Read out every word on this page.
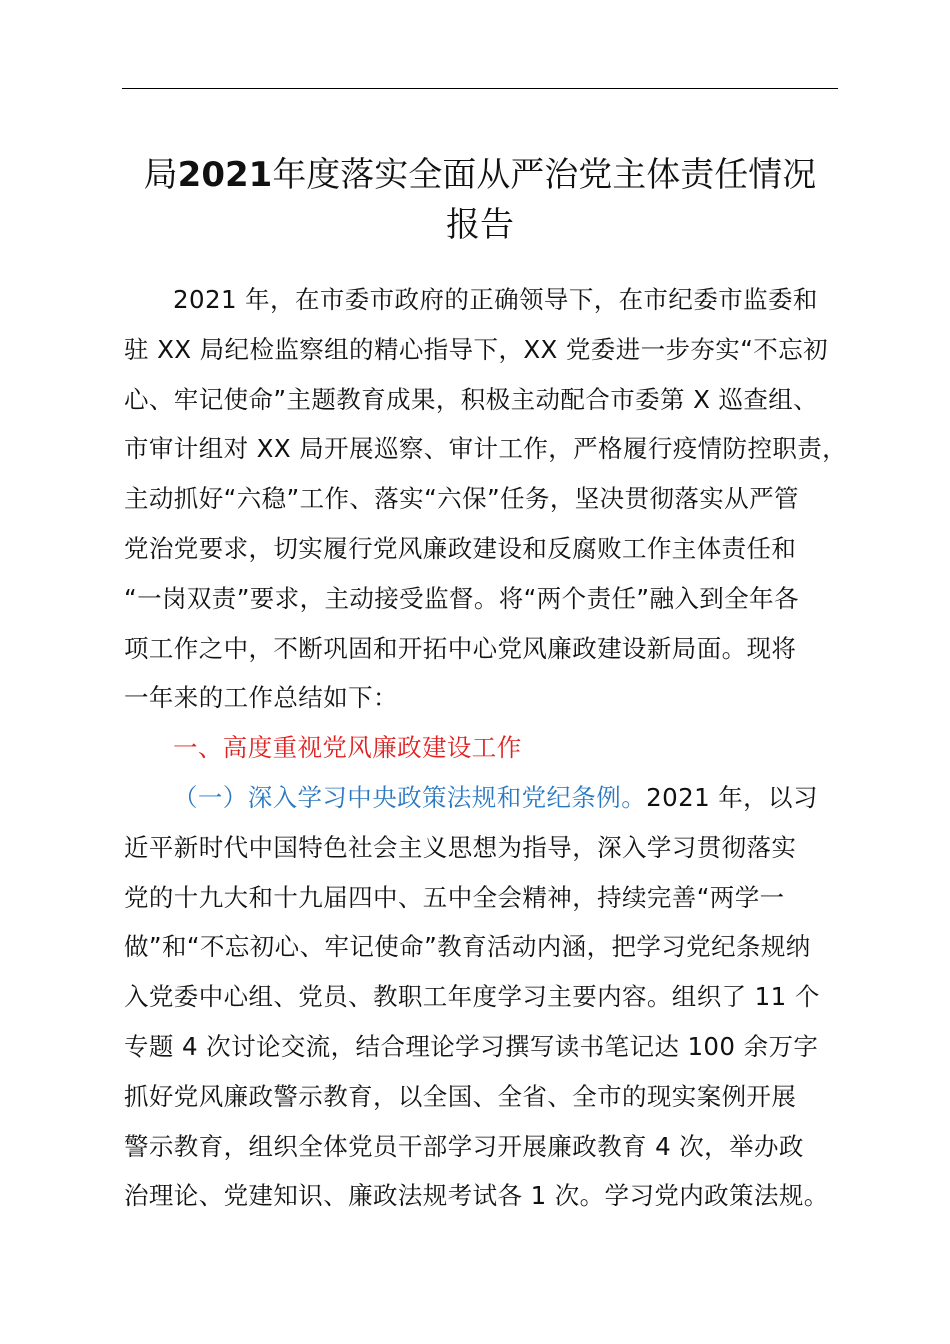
局2021年度落实全面从严治党主体责任情况
报告
2021 年，在市委市政府的正确领导下，在市纪委市监委和
驻 XX 局纪检监察组的精心指导下，XX 党委进一步夯实“不忘初
心、牢记使命”主题教育成果，积极主动配合市委第 X 巡查组、
市审计组对 XX 局开展巡察、审计工作，严格履行疫情防控职责，
主动抓好“六稳”工作、落实“六保”任务，坚决贯彻落实从严管
党治党要求，切实履行党风廉政建设和反腐败工作主体责任和
“一岗双责”要求，主动接受监督。将“两个责任”融入到全年各
项工作之中，不断巩固和开拓中心党风廉政建设新局面。现将
一年来的工作总结如下：
一、高度重视党风廉政建设工作
（一）深入学习中央政策法规和党纪条例。2021 年，以习
近平新时代中国特色社会主义思想为指导，深入学习贯彻落实
党的十九大和十九届四中、五中全会精神，持续完善“两学一
做”和“不忘初心、牢记使命”教育活动内涵，把学习党纪条规纳
入党委中心组、党员、教职工年度学习主要内容。组织了 11 个
专题 4 次讨论交流，结合理论学习撰写读书笔记达 100 余万字
抓好党风廉政警示教育，以全国、全省、全市的现实案例开展
警示教育，组织全体党员干部学习开展廉政教育 4 次，举办政
治理论、党建知识、廉政法规考试各 1 次。学习党内政策法规。
